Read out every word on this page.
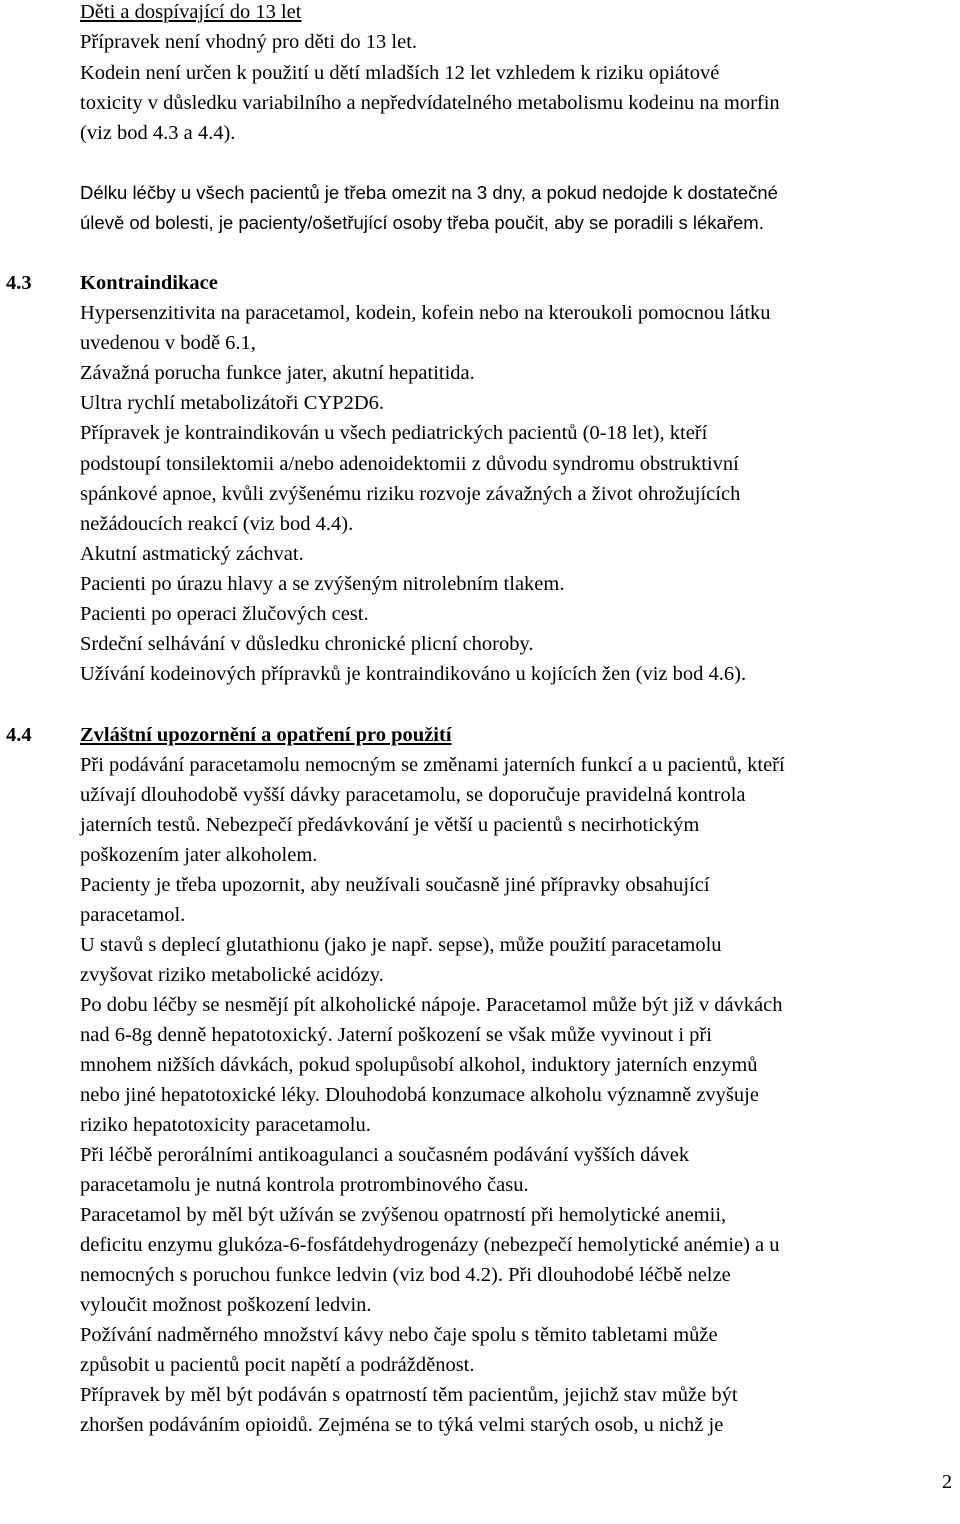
Děti a dospívající do 13 let
Přípravek není vhodný pro děti do 13 let.
Kodein není určen k použití u dětí mladších 12 let vzhledem k riziku opiátové
toxicity v důsledku variabilního a nepředvídatelného metabolismu kodeinu na morfin
(viz bod 4.3 a 4.4).
Délku léčby u všech pacientů je třeba omezit na 3 dny, a pokud nedojde k dostatečné
úlevě od bolesti, je pacienty/ošetřující osoby třeba poučit, aby se poradili s lékařem.
4.3 Kontraindikace
Hypersenzitivita na paracetamol, kodein, kofein nebo na kteroukoli pomocnou látku
uvedenou v bodě 6.1,
Závažná porucha funkce jater, akutní hepatitida.
Ultra rychlí metabolizátoři CYP2D6.
Přípravek je kontraindikován u všech pediatrických pacientů (0-18 let), kteří
podstoupí tonsilektomii a/nebo adenoidektomii z důvodu syndromu obstruktivní
spánkové apnoe, kvůli zvýšenému riziku rozvoje závažných a život ohrožujících
nežádoucích reakcí (viz bod 4.4).
Akutní astmatický záchvat.
Pacienti po úrazu hlavy a se zvýšeným nitrolebním tlakem.
Pacienti po operaci žlučových cest.
Srdeční selhávání v důsledku chronické plicní choroby.
Užívání kodeinových přípravků je kontraindikováno u kojících žen (viz bod 4.6).
4.4 Zvláštní upozornění a opatření pro použití
Při podávání paracetamolu nemocným se změnami jaterních funkcí a u pacientů, kteří
užívají dlouhodobě vyšší dávky paracetamolu, se doporučuje pravidelná kontrola
jaterních testů. Nebezpečí předávkování je větší u pacientů s necirhotickým
poškozením jater alkoholem.
Pacienty je třeba upozornit, aby neužívali současně jiné přípravky obsahující
paracetamol.
U stavů s deplecí glutathionu (jako je např. sepse), může použití paracetamolu
zvyšovat riziko metabolické acidózy.
Po dobu léčby se nesmějí pít alkoholické nápoje. Paracetamol může být již v dávkách
nad 6-8g denně hepatotoxický. Jaterní poškození se však může vyvinout i při
mnohem nižších dávkách, pokud spolupůsobí alkohol, induktory jaterních enzymů
nebo jiné hepatotoxické léky. Dlouhodobá konzumace alkoholu významně zvyšuje
riziko hepatotoxicity paracetamolu.
Při léčbě perorálními antikoagulanci a současném podávání vyšších dávek
paracetamolu je nutná kontrola protrombinového času.
Paracetamol by měl být užíván se zvýšenou opatrností při hemolytické anemii,
deficitu enzymu glukóza-6-fosfátdehydrogenázy (nebezpečí hemolytické anémie) a u
nemocných s poruchou funkce ledvin (viz bod 4.2). Při dlouhodobé léčbě nelze
vyloučit možnost poškození ledvin.
Požívání nadměrného množství kávy nebo čaje spolu s těmito tabletami může
způsobit u pacientů pocit napětí a podrážděnost.
Přípravek by měl být podáván s opatrností těm pacientům, jejichž stav může být
zhoršen podáváním opioidů. Zejména se to týká velmi starých osob, u nichž je
2
